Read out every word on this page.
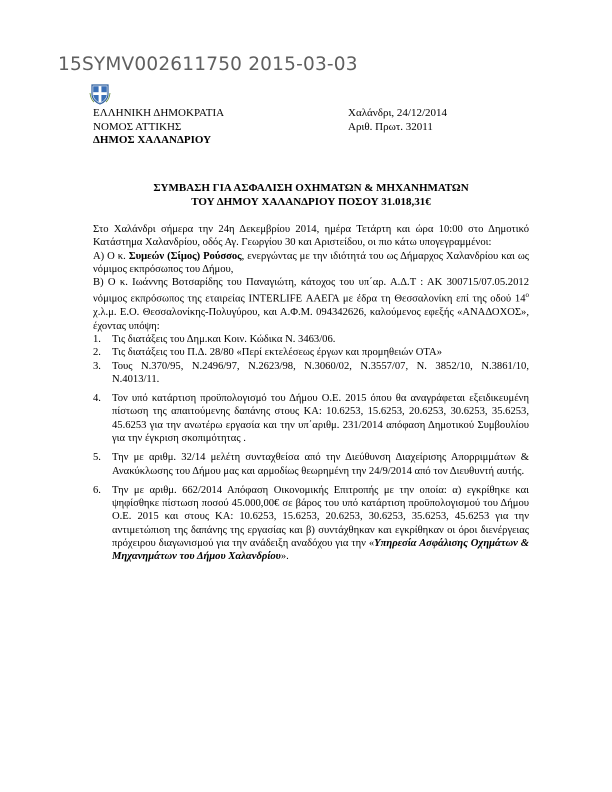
15SYMV002611750 2015-03-03
ΕΛΛΗΝΙΚΗ ΔΗΜΟΚΡΑΤΙΑ
ΝΟΜΟΣ ΑΤΤΙΚΗΣ
ΔΗΜΟΣ ΧΑΛΑΝΔΡΙΟΥ
Χαλάνδρι, 24/12/2014
Αριθ. Πρωτ. 32011
ΣΥΜΒΑΣΗ ΓΙΑ ΑΣΦΑΛΙΣΗ ΟΧΗΜΑΤΩΝ & ΜΗΧΑΝΗΜΑΤΩΝ
ΤΟΥ ΔΗΜΟΥ ΧΑΛΑΝΔΡΙΟΥ ΠΟΣΟΥ 31.018,31€

Στο Χαλάνδρι σήμερα την 24η Δεκεμβρίου 2014, ημέρα Τετάρτη και ώρα 10:00 στο Δημοτικό Κατάστημα Χαλανδρίου, οδός Αγ. Γεωργίου 30 και Αριστείδου, οι πιο κάτω υπογεγραμμένοι:

Α) Ο κ. Συμεών (Σίμος) Ρούσσος, ενεργώντας με την ιδιότητά του ως Δήμαρχος Χαλανδρίου και ως νόμιμος εκπρόσωπος του Δήμου,

Β) Ο κ. Ιωάννης Βοτσαρίδης του Παναγιώτη, κάτοχος του υπ΄αρ. Α.Δ.Τ : ΑΚ 300715/07.05.2012 νόμιμος εκπρόσωπος της εταιρείας INTERLIFE ΑΑΕΓΑ με έδρα τη Θεσσαλονίκη επί της οδού $14^o$ χ.λ.μ. Ε.Ο. Θεσσαλονίκης-Πολυγύρου, και Α.Φ.Μ. 094342626, καλούμενος εφεξής «ΑΝΑΔΟΧΟΣ», έχοντας υπόψη:

1. Τις διατάξεις του Δημ.και Κοιν. Κώδικα Ν. 3463/06.
2. Τις διατάξεις του Π.Δ. 28/80 «Περί εκτελέσεως έργων και προμηθειών ΟΤΑ»
3. Τους Ν.370/95, Ν.2496/97, Ν.2623/98, Ν.3060/02, Ν.3557/07, Ν. 3852/10, Ν.3861/10, Ν.4013/11.
4. Τον υπό κατάρτιση προϋπολογισμό του Δήμου Ο.Ε. 2015 όπου θα αναγράφεται εξειδικευμένη πίστωση της απαιτούμενης δαπάνης στους ΚΑ: 10.6253, 15.6253, 20.6253, 30.6253, 35.6253, 45.6253 για την ανωτέρω εργασία και την υπ΄αριθμ. 231/2014 απόφαση Δημοτικού Συμβουλίου για την έγκριση σκοπιμότητας .
5. Την με αριθμ. 32/14 μελέτη συνταχθείσα από την Διεύθυνση Διαχείρισης Απορριμμάτων & Ανακύκλωσης του Δήμου μας και αρμοδίως θεωρημένη την 24/9/2014 από τον Διευθυντή αυτής.
6. Την με αριθμ. 662/2014 Απόφαση Οικονομικής Επιτροπής με την οποία: α) εγκρίθηκε και ψηφίσθηκε πίστωση ποσού 45.000,00€ σε βάρος του υπό κατάρτιση προϋπολογισμού του Δήμου Ο.Ε. 2015 και στους ΚΑ: 10.6253, 15.6253, 20.6253, 30.6253, 35.6253, 45.6253 για την αντιμετώπιση της δαπάνης της εργασίας και β) συντάχθηκαν και εγκρίθηκαν οι όροι διενέργειας πρόχειρου διαγωνισμού για την ανάδειξη αναδόχου για την «Υπηρεσία Ασφάλισης Οχημάτων & Μηχανημάτων του Δήμου Χαλανδρίου».
